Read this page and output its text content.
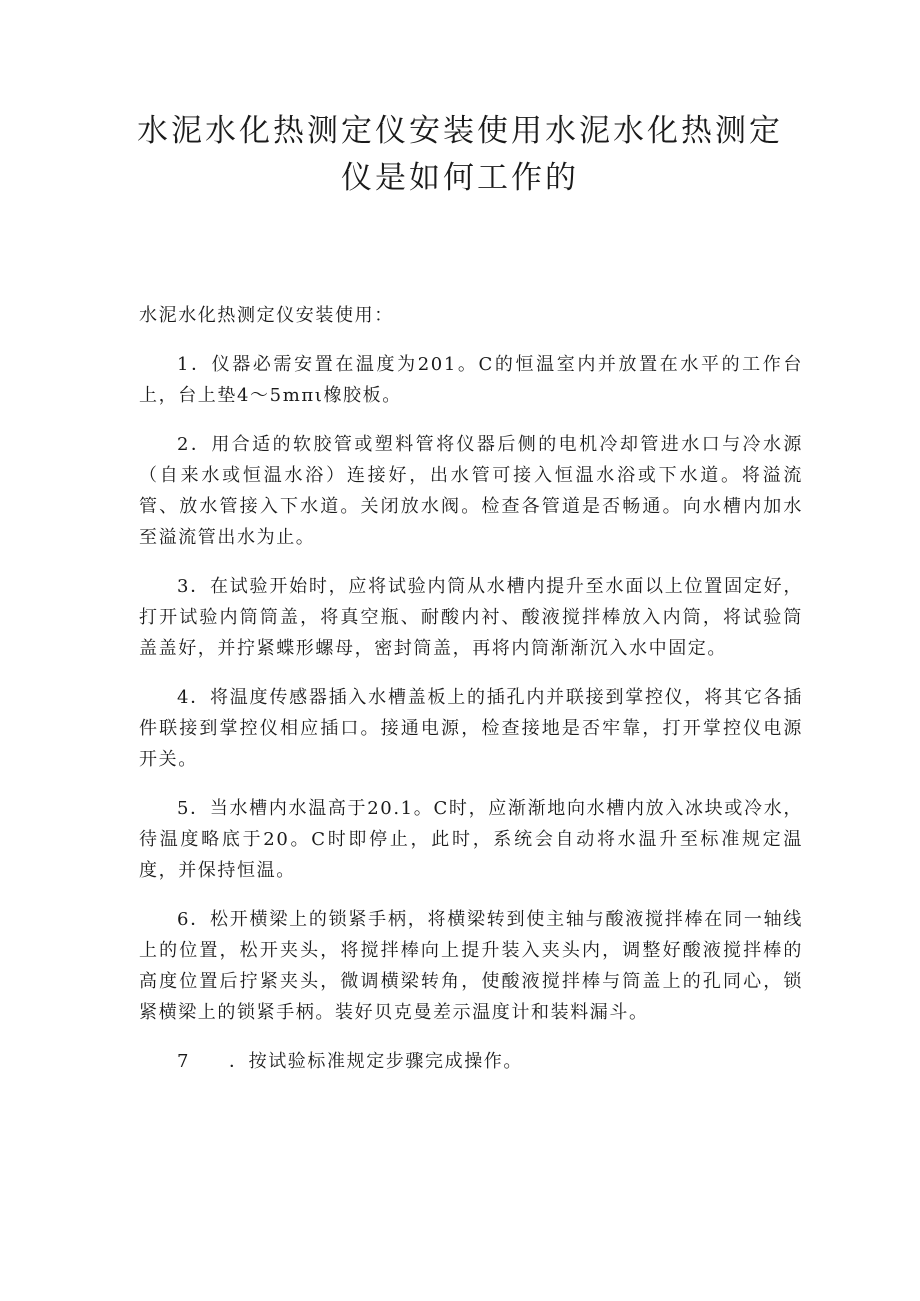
水泥水化热测定仪安装使用水泥水化热测定
仪是如何工作的

水泥水化热测定仪安装使用：

1．仪器必需安置在温度为201。C的恒温室内并放置在水平的工作台上，台上垫4～5mπι橡胶板。

2．用合适的软胶管或塑料管将仪器后侧的电机冷却管进水口与冷水源（自来水或恒温水浴）连接好，出水管可接入恒温水浴或下水道。将溢流管、放水管接入下水道。关闭放水阀。检查各管道是否畅通。向水槽内加水至溢流管出水为止。

3．在试验开始时，应将试验内筒从水槽内提升至水面以上位置固定好，打开试验内筒筒盖，将真空瓶、耐酸内衬、酸液搅拌棒放入内筒，将试验筒盖盖好，并拧紧蝶形螺母，密封筒盖，再将内筒渐渐沉入水中固定。

4．将温度传感器插入水槽盖板上的插孔内并联接到掌控仪，将其它各插件联接到掌控仪相应插口。接通电源，检查接地是否牢靠，打开掌控仪电源开关。

5．当水槽内水温高于20.1。C时，应渐渐地向水槽内放入冰块或冷水，待温度略底于20。C时即停止，此时，系统会自动将水温升至标准规定温度，并保持恒温。

6．松开横梁上的锁紧手柄，将横梁转到使主轴与酸液搅拌棒在同一轴线上的位置，松开夹头，将搅拌棒向上提升装入夹头内，调整好酸液搅拌棒的高度位置后拧紧夹头，微调横梁转角，使酸液搅拌棒与筒盖上的孔同心，锁紧横梁上的锁紧手柄。装好贝克曼差示温度计和装料漏斗。

7 ．按试验标准规定步骤完成操作。
